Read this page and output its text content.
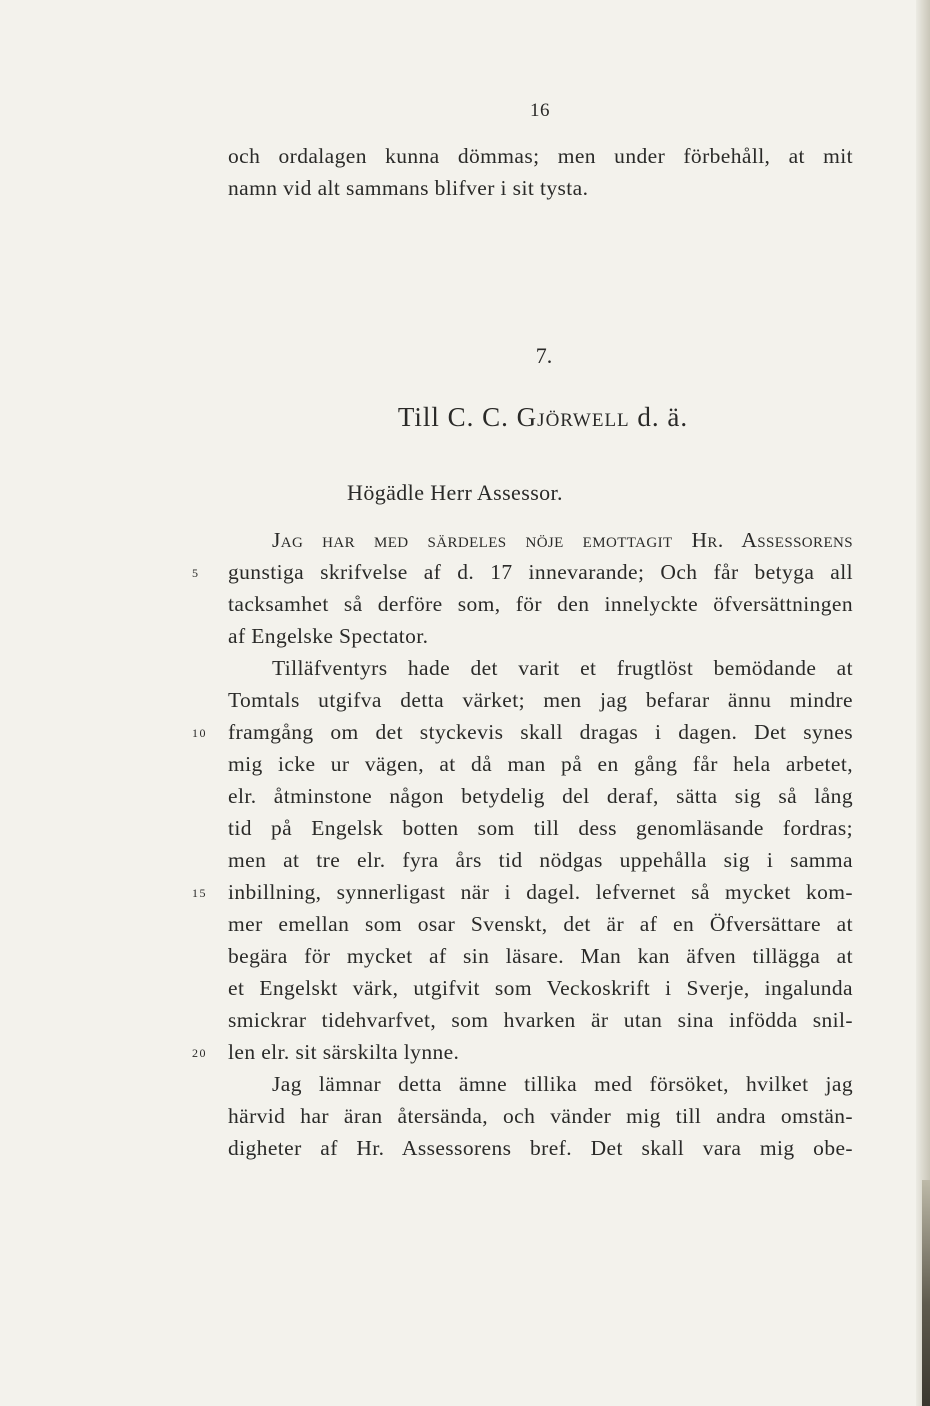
16
och ordalagen kunna dömmas; men under förbehåll, at mit
namn vid alt sammans blifver i sit tysta.
7.
Till C. C. Gjörwell d. ä.
Högädle Herr Assessor.
Jag har med särdeles nöje emottagit Hr. Assessorens
5	gunstiga skrifvelse af d. 17 innevarande; Och får betyga all
tacksamhet så derföre som, för den innelyckte öfversättningen
af Engelske Spectator.
Tilläfventyrs hade det varit et frugtlöst bemödande at
Tomtals utgifva detta värket; men jag befarar ännu mindre
10 framgång om det styckevis skall dragas i dagen. Det synes
mig icke ur vägen, at då man på en gång får hela arbetet,
elr. åtminstone någon betydelig del deraf, sätta sig så lång
tid på Engelsk botten som till dess genomläsande fordras;
men at tre elr. fyra års tid nödgas uppehålla sig i samma
15 inbillning, synnerligast när i dagel. lefvernet så mycket kom-
mer emellan som osar Svenskt, det är af en Öfversättare at
begära för mycket af sin läsare. Man kan äfven tillägga at
et Engelskt värk, utgifvit som Veckoskrift i Sverje, ingalunda
smickrar tidehvarfvet, som hvarken är utan sina infödda snil-
20 len elr. sit särskilta lynne.
Jag lämnar detta ämne tillika med försöket, hvilket jag
härvid har äran återsända, och vänder mig till andra omstän-
digheter af Hr. Assessorens bref. Det skall vara mig obe-
